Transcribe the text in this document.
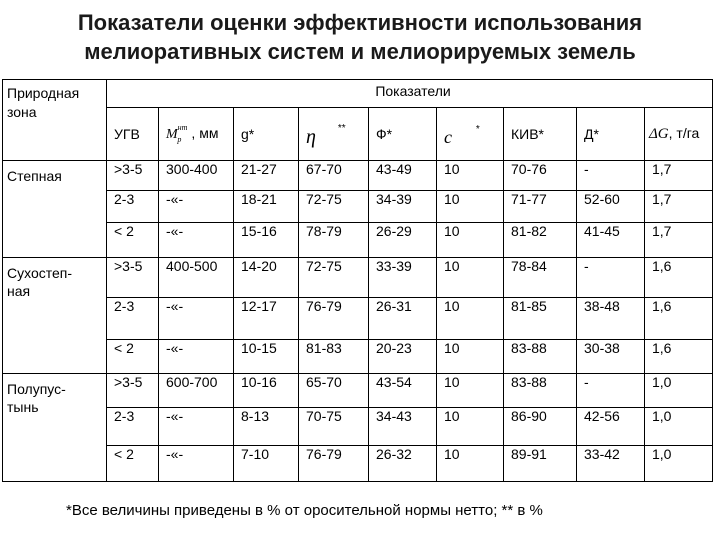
Показатели оценки эффективности использования
мелиоративных систем и мелиорируемых земель
Природная
зона	Показатели								
	УГВ	$M^{нт}_р$ , мм	g*	η **	Ф*	c *	КИВ*	Д*	ΔG, т/га
Степная	>3-5	300-400	21-27	67-70	43-49	10	70-76	-	1,7
	2-3	-«-	18-21	72-75	34-39	10	71-77	52-60	1,7
	< 2	-«-	15-16	78-79	26-29	10	81-82	41-45	1,7
Сухостеп-
ная	>3-5	400-500	14-20	72-75	33-39	10	78-84	-	1,6
	2-3	-«-	12-17	76-79	26-31	10	81-85	38-48	1,6
	< 2	-«-	10-15	81-83	20-23	10	83-88	30-38	1,6
Полупус-
тынь	>3-5	600-700	10-16	65-70	43-54	10	83-88	-	1,0
	2-3	-«-	8-13	70-75	34-43	10	86-90	42-56	1,0
	< 2	-«-	7-10	76-79	26-32	10	89-91	33-42	1,0
*Все величины приведены в % от оросительной нормы нетто; ** в %
